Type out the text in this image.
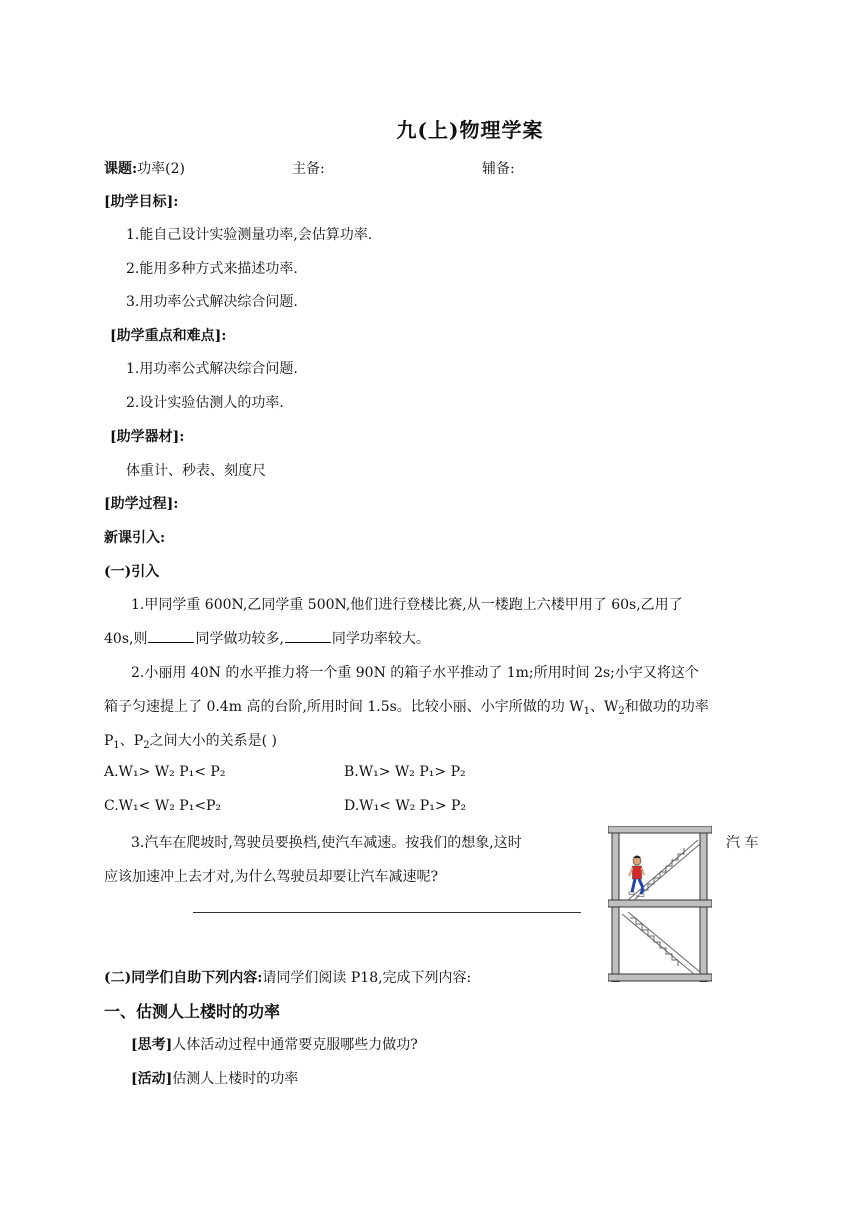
九(上)物理学案
课题:功率(2)	主备:	辅备:
[助学目标]:
1.能自己设计实验测量功率,会估算功率.
2.能用多种方式来描述功率.
3.用功率公式解决综合问题.
[助学重点和难点]:
1.用功率公式解决综合问题.
2.设计实验估测人的功率.
[助学器材]:
体重计、秒表、刻度尺
[助学过程]:
新课引入:
(一)引入
1.甲同学重 600N,乙同学重 500N,他们进行登楼比赛,从一楼跑上六楼甲用了 60s,乙用了
40s,则	同学做功较多,	同学功率较大。
2.小丽用 40N 的水平推力将一个重 90N 的箱子水平推动了 1m;所用时间 2s;小宇又将这个
箱子匀速提上了 0.4m 高的台阶,所用时间 1.5s。比较小丽、小宇所做的功 $W_1$、$W_2$和做功的功率
$P_1$、$P_2$之间大小的关系是( )
A.W₁> W₂ P₁< P₂	B.W₁> W₂ P₁> P₂
C.W₁< W₂ P₁<P₂	D.W₁< W₂ P₁> P₂
3.汽车在爬坡时,驾驶员要换档,使汽车减速。按我们的想象,这时	汽 车
应该加速冲上去才对,为什么驾驶员却要让汽车减速呢?
(二)同学们自助下列内容:请同学们阅读 P18,完成下列内容:
一、估测人上楼时的功率
[思考]人体活动过程中通常要克服哪些力做功?
[活动]估测人上楼时的功率
